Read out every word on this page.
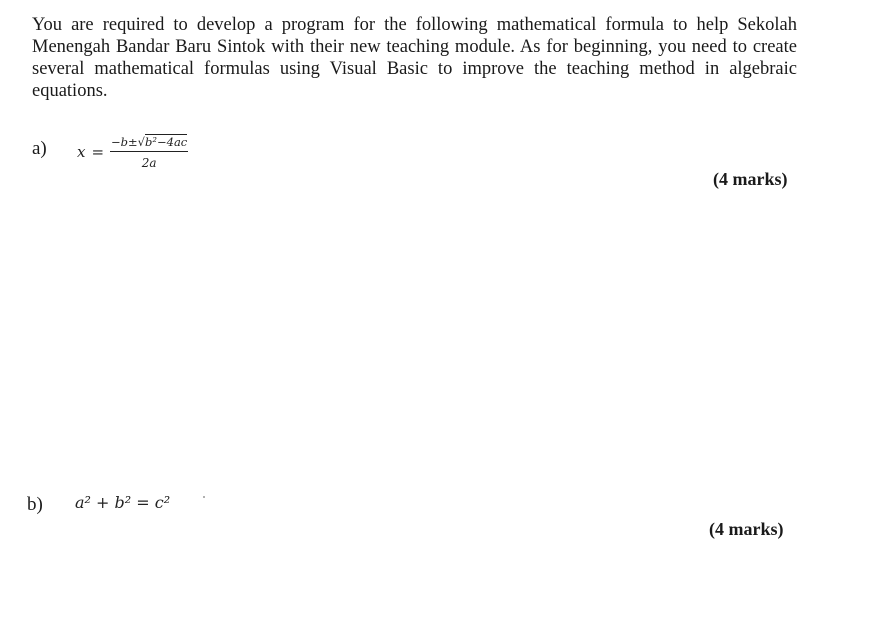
You are required to develop a program for the following mathematical formula to help Sekolah Menengah Bandar Baru Sintok with their new teaching module. As for beginning, you need to create several mathematical formulas using Visual Basic to improve the teaching method in algebraic equations.
a) $x = \frac{\text{−b±√b²−4ac}}{2a}$
(4 marks)
b) a² + b² = c²
(4 marks)
